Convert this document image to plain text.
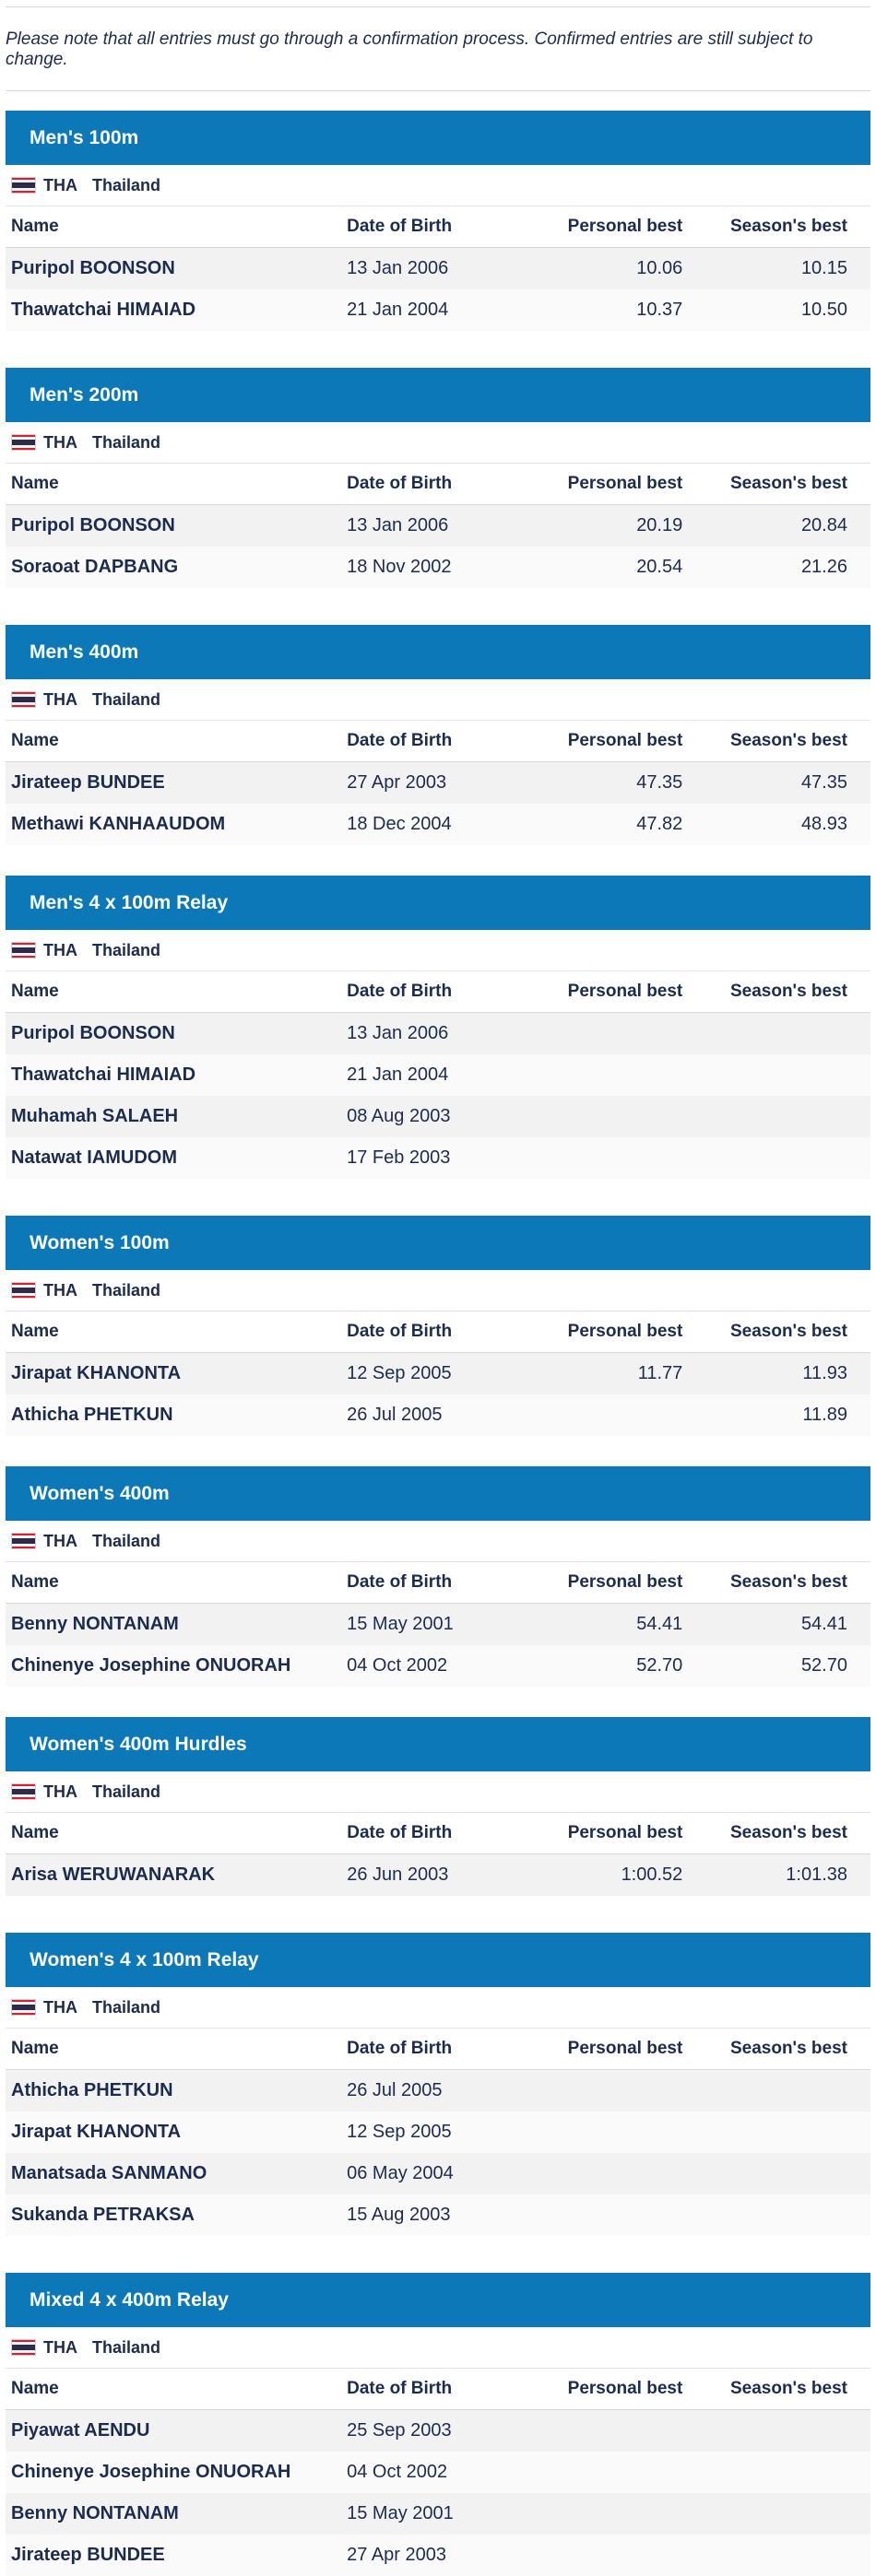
Please note that all entries must go through a confirmation process. Confirmed entries are still subject to change.
Men's 100m
THA Thailand
Name	Date of Birth	Personal best	Season's best
Puripol BOONSON	13 Jan 2006	10.06	10.15
Thawatchai HIMAIAD	21 Jan 2004	10.37	10.50
Men's 200m
THA Thailand
Name	Date of Birth	Personal best	Season's best
Puripol BOONSON	13 Jan 2006	20.19	20.84
Soraoat DAPBANG	18 Nov 2002	20.54	21.26
Men's 400m
THA Thailand
Name	Date of Birth	Personal best	Season's best
Jirateep BUNDEE	27 Apr 2003	47.35	47.35
Methawi KANHAAUDOM	18 Dec 2004	47.82	48.93
Men's 4 x 100m Relay
THA Thailand
Name	Date of Birth	Personal best	Season's best
Puripol BOONSON	13 Jan 2006		
Thawatchai HIMAIAD	21 Jan 2004		
Muhamah SALAEH	08 Aug 2003		
Natawat IAMUDOM	17 Feb 2003		
Women's 100m
THA Thailand
Name	Date of Birth	Personal best	Season's best
Jirapat KHANONTA	12 Sep 2005	11.77	11.93
Athicha PHETKUN	26 Jul 2005		11.89
Women's 400m
THA Thailand
Name	Date of Birth	Personal best	Season's best
Benny NONTANAM	15 May 2001	54.41	54.41
Chinenye Josephine ONUORAH	04 Oct 2002	52.70	52.70
Women's 400m Hurdles
THA Thailand
Name	Date of Birth	Personal best	Season's best
Arisa WERUWANARAK	26 Jun 2003	1:00.52	1:01.38
Women's 4 x 100m Relay
THA Thailand
Name	Date of Birth	Personal best	Season's best
Athicha PHETKUN	26 Jul 2005		
Jirapat KHANONTA	12 Sep 2005		
Manatsada SANMANO	06 May 2004		
Sukanda PETRAKSA	15 Aug 2003		
Mixed 4 x 400m Relay
THA Thailand
Name	Date of Birth	Personal best	Season's best
Piyawat AENDU	25 Sep 2003		
Chinenye Josephine ONUORAH	04 Oct 2002		
Benny NONTANAM	15 May 2001		
Jirateep BUNDEE	27 Apr 2003		
